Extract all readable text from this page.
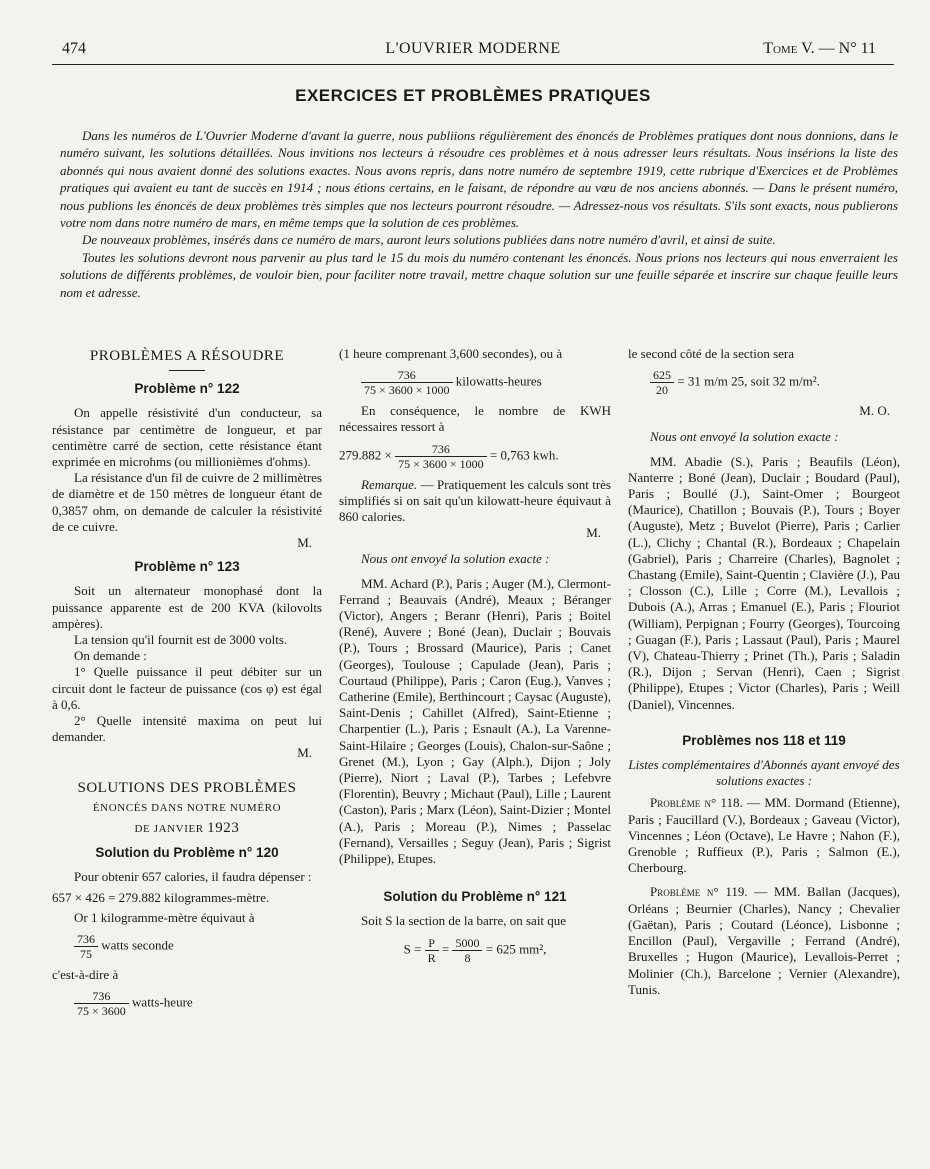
474	L'OUVRIER MODERNE	Tome V. — N° 11
EXERCICES ET PROBLÈMES PRATIQUES

Dans les numéros de L'Ouvrier Moderne d'avant la guerre, nous publiions régulièrement des énoncés de Problèmes pratiques dont nous donnions, dans le numéro suivant, les solutions détaillées. Nous invitions nos lecteurs à résoudre ces problèmes et à nous adresser leurs résultats. Nous insérions la liste des abonnés qui nous avaient donné des solutions exactes. Nous avons repris, dans notre numéro de septembre 1919, cette rubrique d'Exercices et de Problèmes pratiques qui avaient eu tant de succès en 1914 ; nous étions certains, en le faisant, de répondre au vœu de nos anciens abonnés. — Dans le présent numéro, nous publions les énoncés de deux problèmes très simples que nos lecteurs pourront résoudre. — Adressez-nous vos résultats. S'ils sont exacts, nous publierons votre nom dans notre numéro de mars, en même temps que la solution de ces problèmes.

De nouveaux problèmes, insérés dans ce numéro de mars, auront leurs solutions publiées dans notre numéro d'avril, et ainsi de suite.

Toutes les solutions devront nous parvenir au plus tard le 15 du mois du numéro contenant les énoncés. Nous prions nos lecteurs qui nous enverraient les solutions de différents problèmes, de vouloir bien, pour faciliter notre travail, mettre chaque solution sur une feuille séparée et inscrire sur chaque feuille leurs nom et adresse.

PROBLÈMES A RÉSOUDRE
Problème n° 122

On appelle résistivité d'un conducteur, sa résistance par centimètre de longueur, et par centimètre carré de section, cette résistance étant exprimée en microhms (ou millionièmes d'ohms).

La résistance d'un fil de cuivre de 2 millimètres de diamètre et de 150 mètres de longueur étant de 0,3857 ohm, on demande de calculer la résistivité de ce cuivre.

M.

Problème n° 123

Soit un alternateur monophasé dont la puissance apparente est de 200 KVA (kilovolts ampères).

La tension qu'il fournit est de 3000 volts.

On demande :

1° Quelle puissance il peut débiter sur un circuit dont le facteur de puissance (cos φ) est égal à 0,6.

2° Quelle intensité maxima on peut lui demander.

M.

SOLUTIONS DES PROBLÈMES
ÉNONCÉS DANS NOTRE NUMÉRO
DE JANVIER 1923
Solution du Problème n° 120

Pour obtenir 657 calories, il faudra dépenser :

657 × 426 = 279.882 kilogrammes-mètre.

Or 1 kilogramme-mètre équivaut à

$\frac{736}{75}$ watts seconde

c'est-à-dire à

$\frac{736}{75 \times 3600}$ watts-heure

(1 heure comprenant 3,600 secondes), ou à

$\frac{736}{75 \times 3600 \times 1000}$ kilowatts-heures

En conséquence, le nombre de KWH nécessaires ressort à

$279.882 \times \frac{736}{75 \times 3600 \times 1000} = 0,763$ kwh.

Remarque. — Pratiquement les calculs sont très simplifiés si on sait qu'un kilowatt-heure équivaut à 860 calories.

M.

Nous ont envoyé la solution exacte :

MM. Achard (P.), Paris ; Auger (M.), Clermont-Ferrand ; Beauvais (André), Meaux ; Béranger (Victor), Angers ; Beranr (Henri), Paris ; Boitel (René), Auvere ; Boné (Jean), Duclair ; Bouvais (P.), Tours ; Brossard (Maurice), Paris ; Canet (Georges), Toulouse ; Capulade (Jean), Paris ; Courtaud (Philippe), Paris ; Caron (Eug.), Vanves ; Catherine (Emile), Berthincourt ; Caysac (Auguste), Saint-Denis ; Cahillet (Alfred), Saint-Etienne ; Charpentier (L.), Paris ; Esnault (A.), La Varenne-Saint-Hilaire ; Georges (Louis), Chalon-sur-Saône ; Grenet (M.), Lyon ; Gay (Alph.), Dijon ; Joly (Pierre), Niort ; Laval (P.), Tarbes ; Lefebvre (Florentin), Beuvry ; Michaut (Paul), Lille ; Laurent (Caston), Paris ; Marx (Léon), Saint-Dizier ; Montel (A.), Paris ; Moreau (P.), Nimes ; Passelac (Fernand), Versailles ; Seguy (Jean), Paris ; Sigrist (Philippe), Etupes.

Solution du Problème n° 121

Soit S la section de la barre, on sait que

$S = \frac{P}{R} = \frac{5000}{8} = 625$ mm²,

le second côté de la section sera

$\frac{625}{20} = 31$ m/m 25, soit 32 m/m².

M. O.

Nous ont envoyé la solution exacte :

MM. Abadie (S.), Paris ; Beaufils (Léon), Nanterre ; Boné (Jean), Duclair ; Boudard (Paul), Paris ; Boullé (J.), Saint-Omer ; Bourgeot (Maurice), Chatillon ; Bouvais (P.), Tours ; Boyer (Auguste), Metz ; Buvelot (Pierre), Paris ; Carlier (L.), Clichy ; Chantal (R.), Bordeaux ; Chapelain (Gabriel), Paris ; Charreire (Charles), Bagnolet ; Chastang (Emile), Saint-Quentin ; Clavière (J.), Pau ; Closson (C.), Lille ; Corre (M.), Levallois ; Dubois (A.), Arras ; Emanuel (E.), Paris ; Flouriot (William), Perpignan ; Fourry (Georges), Tourcoing ; Guagan (F.), Paris ; Lassaut (Paul), Paris ; Maurel (V), Chateau-Thierry ; Prinet (Th.), Paris ; Saladin (R.), Dijon ; Servan (Henri), Caen ; Sigrist (Philippe), Etupes ; Victor (Charles), Paris ; Weill (Daniel), Vincennes.

Problèmes nos 118 et 119

Listes complémentaires d'Abonnés ayant envoyé des solutions exactes :

Problème n° 118. — MM. Dormand (Etienne), Paris ; Faucillard (V.), Bordeaux ; Gaveau (Victor), Vincennes ; Léon (Octave), Le Havre ; Nahon (F.), Grenoble ; Ruffieux (P.), Paris ; Salmon (E.), Cherbourg.

Problème n° 119. — MM. Ballan (Jacques), Orléans ; Beurnier (Charles), Nancy ; Chevalier (Gaëtan), Paris ; Coutard (Léonce), Lisbonne ; Encillon (Paul), Vergaville ; Ferrand (André), Bruxelles ; Hugon (Maurice), Levallois-Perret ; Molinier (Ch.), Barcelone ; Vernier (Alexandre), Tunis.
